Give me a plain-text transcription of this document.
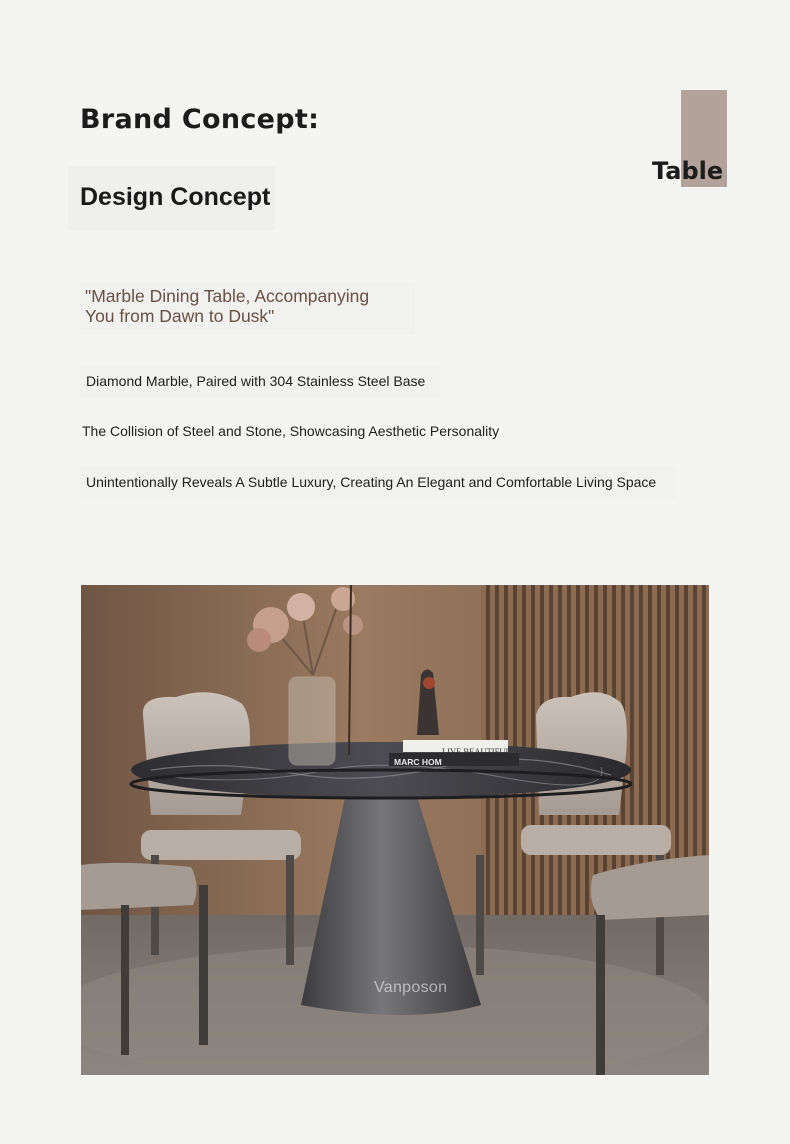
Brand Concept:
Table
Design Concept
"Marble Dining Table, Accompanying
You from Dawn to Dusk"
Diamond Marble, Paired with 304 Stainless Steel Base
The Collision of Steel and Stone, Showcasing Aesthetic Personality
Unintentionally Reveals A Subtle Luxury, Creating An Elegant and Comfortable Living Space
LIVE BEAUTIFUL
MARC HOM
Vanposon
